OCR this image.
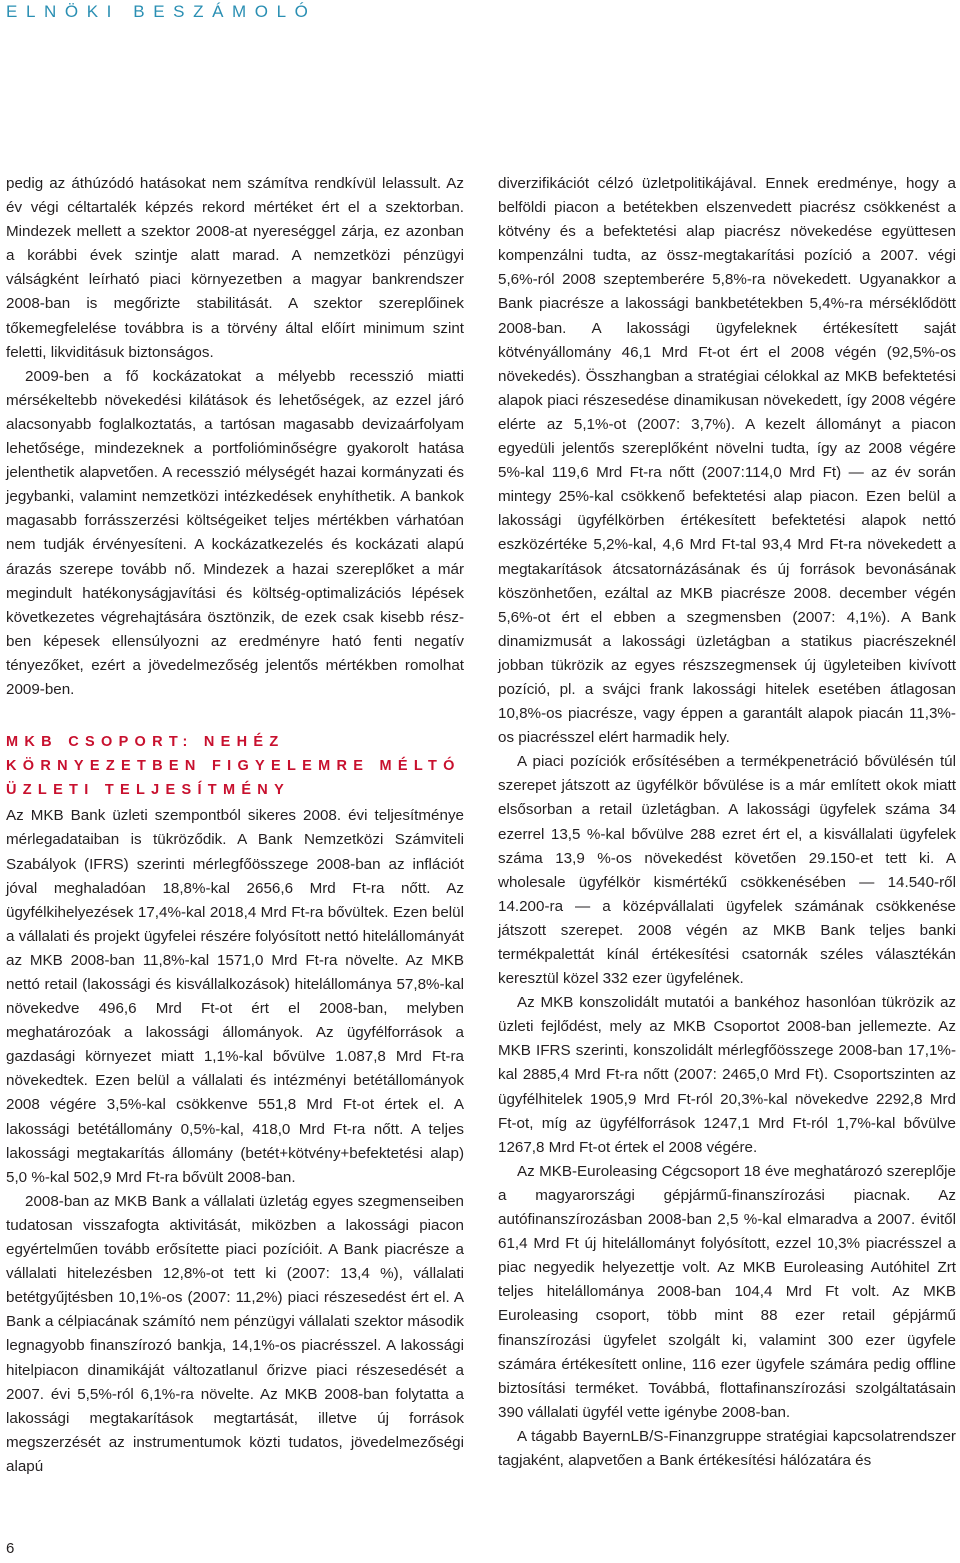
ELNÖKI BESZÁMOLÓ

pedig az áthúzódó hatásokat nem számítva rendkívül lelassult. Az év végi céltartalék képzés rekord mértéket ért el a szektorban. Mindezek mellett a szektor 2008-at nyereséggel zárja, ez azonban a korábbi évek szintje alatt marad. A nemzetközi pénzügyi válságként leírható piaci környezetben a magyar bankrendszer 2008-ban is megőrizte stabilitását. A szektor szereplőinek tőkemegfelelése továbbra is a törvény által előírt minimum szint feletti, likviditásuk biztonságos.

2009-ben a fő kockázatokat a mélyebb recesszió miatti mérsékeltebb növekedési kilátások és lehetőségek, az ezzel járó alacsonyabb foglalkoztatás, a tartósan magasabb devizaárfolyam lehetősége, mindezeknek a portfolióminőségre gyakorolt hatása jelenthetik alapvetően. A recesszió mélységét hazai kormányzati és jegybanki, valamint nemzetközi intézkedések enyhíthetik. A bankok magasabb forrásszerzési költségeiket teljes mértékben várhatóan nem tudják érvényesíteni. A kockázatkezelés és kockázati alapú árazás szerepe tovább nő. Mindezek a hazai szereplőket a már megindult hatékonyságjavítási és költség-optimalizációs lépések következetes végrehajtására ösztönzik, de ezek csak kisebb részben képesek ellensúlyozni az eredményre ható fenti negatív tényezőket, ezért a jövedelmezőség jelentős mértékben romolhat 2009-ben.

MKB CSOPORT: NEHÉZ KÖRNYEZETBEN FIGYELEMRE MÉLTÓ ÜZLETI TELJESÍTMÉNY

Az MKB Bank üzleti szempontból sikeres 2008. évi teljesítménye mérlegadataiban is tükröződik. A Bank Nemzetközi Számviteli Szabályok (IFRS) szerinti mérlegfőösszege 2008-ban az inflációt jóval meghaladóan 18,8%-kal 2656,6 Mrd Ft-ra nőtt. Az ügyfélkihelyezések 17,4%-kal 2018,4 Mrd Ft-ra bővültek. Ezen belül a vállalati és projekt ügyfelei részére folyósított nettó hitelállományát az MKB 2008-ban 11,8%-kal 1571,0 Mrd Ft-ra növelte. Az MKB nettó retail (lakossági és kisvállalkozások) hitelállománya 57,8%-kal növekedve 496,6 Mrd Ft-ot ért el 2008-ban, melyben meghatározóak a lakossági állományok. Az ügyfélforrások a gazdasági környezet miatt 1,1%-kal bővülve 1.087,8 Mrd Ft-ra növekedtek. Ezen belül a vállalati és intézményi betétállományok 2008 végére 3,5%-kal csökkenve 551,8 Mrd Ft-ot értek el. A lakossági betétállomány 0,5%-kal, 418,0 Mrd Ft-ra nőtt. A teljes lakossági megtakarítás állomány (betét+kötvény+befektetési alap) 5,0 %-kal 502,9 Mrd Ft-ra bővült 2008-ban.

2008-ban az MKB Bank a vállalati üzletág egyes szegmenseiben tudatosan visszafogta aktivitását, miközben a lakossági piacon egyértelműen tovább erősítette piaci pozícióit. A Bank piacrésze a vállalati hitelezésben 12,8%-ot tett ki (2007: 13,4 %), vállalati betétgyűjtésben 10,1%-os (2007: 11,2%) piaci részesedést ért el. A Bank a célpiacának számító nem pénzügyi vállalati szektor második legnagyobb finanszírozó bankja, 14,1%-os piacrésszel. A lakossági hitelpiacon dinamikáját változatlanul őrizve piaci részesedését a 2007. évi 5,5%-ról 6,1%-ra növelte. Az MKB 2008-ban folytatta a lakossági megtakarítások megtartását, illetve új források megszerzését az instrumentumok közti tudatos, jövedelmezőségi alapú

diverzifikációt célzó üzletpolitikájával. Ennek eredménye, hogy a belföldi piacon a betétekben elszenvedett piacrész csökkenést a kötvény és a befektetési alap piacrész növekedése együttesen kompenzálni tudta, az össz-megtakarítási pozíció a 2007. végi 5,6%-ról 2008 szeptemberére 5,8%-ra növekedett. Ugyanakkor a Bank piacrésze a lakossági bankbetétekben 5,4%-ra mérséklődött 2008-ban. A lakossági ügyfeleknek értékesített saját kötvényállomány 46,1 Mrd Ft-ot ért el 2008 végén (92,5%-os növekedés). Összhangban a stratégiai célokkal az MKB befektetési alapok piaci részesedése dinamikusan növekedett, így 2008 végére elérte az 5,1%-ot (2007: 3,7%). A kezelt állományt a piacon egyedüli jelentős szereplőként növelni tudta, így az 2008 végére 5%-kal 119,6 Mrd Ft-ra nőtt (2007:114,0 Mrd Ft) — az év során mintegy 25%-kal csökkenő befektetési alap piacon. Ezen belül a lakossági ügyfélkörben értékesített befektetési alapok nettó eszközértéke 5,2%-kal, 4,6 Mrd Ft-tal 93,4 Mrd Ft-ra növekedett a megtakarítások átcsatornázásának és új források bevonásának köszönhetően, ezáltal az MKB piacrésze 2008. december végén 5,6%-ot ért el ebben a szegmensben (2007: 4,1%). A Bank dinamizmusát a lakossági üzletágban a statikus piacrészeknél jobban tükrözik az egyes részszegmensek új ügyleteiben kivívott pozíció, pl. a svájci frank lakossági hitelek esetében átlagosan 10,8%-os piacrésze, vagy éppen a garantált alapok piacán 11,3%-os piacrésszel elért harmadik hely.

A piaci pozíciók erősítésében a termékpenetráció bővülésén túl szerepet játszott az ügyfélkör bővülése is a már említett okok miatt elsősorban a retail üzletágban. A lakossági ügyfelek száma 34 ezerrel 13,5 %-kal bővülve 288 ezret ért el, a kisvállalati ügyfelek száma 13,9 %-os növekedést követően 29.150-et tett ki. A wholesale ügyfélkör kismértékű csökkenésében — 14.540-ről 14.200-ra — a középvállalati ügyfelek számának csökkenése játszott szerepet. 2008 végén az MKB Bank teljes banki termékpalettát kínál értékesítési csatornák széles választékán keresztül közel 332 ezer ügyfelének.

Az MKB konszolidált mutatói a bankéhoz hasonlóan tükrözik az üzleti fejlődést, mely az MKB Csoportot 2008-ban jellemezte. Az MKB IFRS szerinti, konszolidált mérlegfőösszege 2008-ban 17,1%-kal 2885,4 Mrd Ft-ra nőtt (2007: 2465,0 Mrd Ft). Csoportszinten az ügyfélhitelek 1905,9 Mrd Ft-ról 20,3%-kal növekedve 2292,8 Mrd Ft-ot, míg az ügyfélforrások 1247,1 Mrd Ft-ról 1,7%-kal bővülve 1267,8 Mrd Ft-ot értek el 2008 végére.

Az MKB-Euroleasing Cégcsoport 18 éve meghatározó szereplője a magyarországi gépjármű-finanszírozási piacnak. Az autófinanszírozásban 2008-ban 2,5 %-kal elmaradva a 2007. évitől 61,4 Mrd Ft új hitelállományt folyósított, ezzel 10,3% piacrésszel a piac negyedik helyezettje volt. Az MKB Euroleasing Autóhitel Zrt teljes hitelállománya 2008-ban 104,4 Mrd Ft volt. Az MKB Euroleasing csoport, több mint 88 ezer retail gépjármű finanszírozási ügyfelet szolgált ki, valamint 300 ezer ügyfele számára értékesített online, 116 ezer ügyfele számára pedig offline biztosítási terméket. Továbbá, flottafinanszírozási szolgáltatásain 390 vállalati ügyfél vette igénybe 2008-ban.

A tágabb BayernLB/S-Finanzgruppe stratégiai kapcsolatrendszer tagjaként, alapvetően a Bank értékesítési hálózatára és

6
